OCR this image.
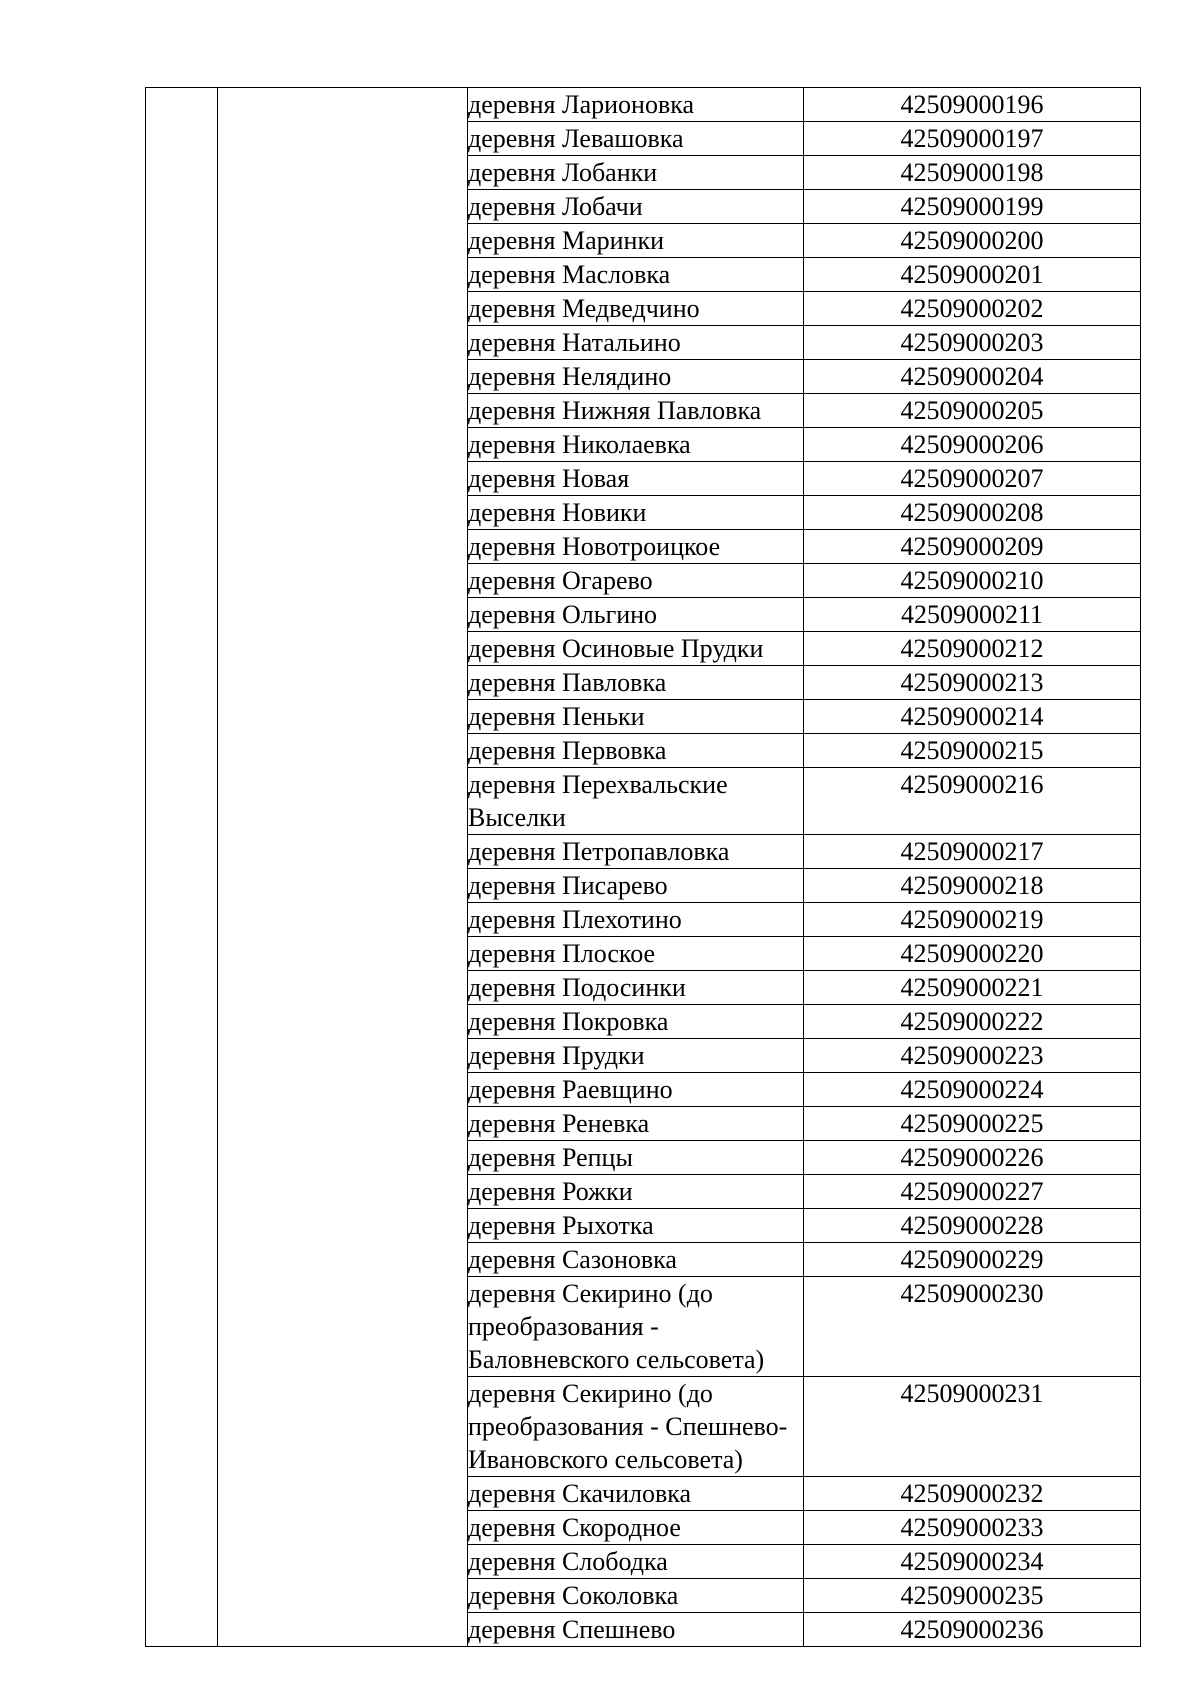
		деревня Ларионовка	42509000196
		деревня Левашовка	42509000197
		деревня Лобанки	42509000198
		деревня Лобачи	42509000199
		деревня Маринки	42509000200
		деревня Масловка	42509000201
		деревня Медведчино	42509000202
		деревня Натальино	42509000203
		деревня Нелядино	42509000204
		деревня Нижняя Павловка	42509000205
		деревня Николаевка	42509000206
		деревня Новая	42509000207
		деревня Новики	42509000208
		деревня Новотроицкое	42509000209
		деревня Огарево	42509000210
		деревня Ольгино	42509000211
		деревня Осиновые Прудки	42509000212
		деревня Павловка	42509000213
		деревня Пеньки	42509000214
		деревня Первовка	42509000215
		деревня Перехвальские Выселки	42509000216
		деревня Петропавловка	42509000217
		деревня Писарево	42509000218
		деревня Плехотино	42509000219
		деревня Плоское	42509000220
		деревня Подосинки	42509000221
		деревня Покровка	42509000222
		деревня Прудки	42509000223
		деревня Раевщино	42509000224
		деревня Реневка	42509000225
		деревня Репцы	42509000226
		деревня Рожки	42509000227
		деревня Рыхотка	42509000228
		деревня Сазоновка	42509000229
		деревня Секирино (до преобразования - Баловневского сельсовета)	42509000230
		деревня Секирино (до преобразования - Спешнево-Ивановского сельсовета)	42509000231
		деревня Скачиловка	42509000232
		деревня Скородное	42509000233
		деревня Слободка	42509000234
		деревня Соколовка	42509000235
		деревня Спешнево	42509000236
